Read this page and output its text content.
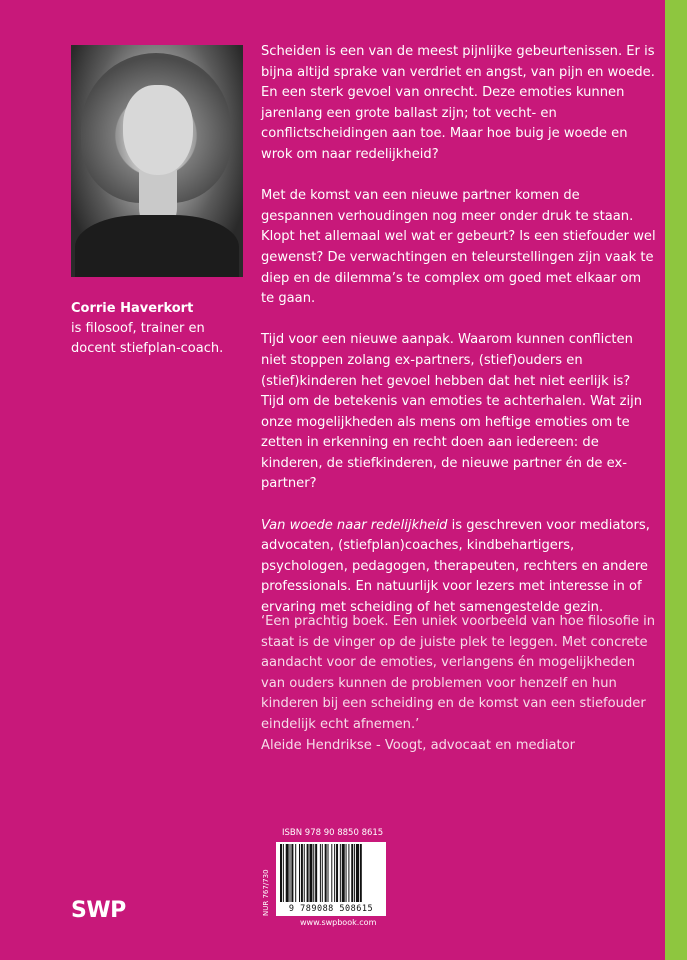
Corrie Haverkort
is filosoof, trainer en
docent stiefplan-coach.

Scheiden is een van de meest pijnlijke gebeurtenissen. Er is bijna altijd sprake van verdriet en angst, van pijn en woede. En een sterk gevoel van onrecht. Deze emoties kunnen jarenlang een grote ballast zijn; tot vecht- en conflictscheidingen aan toe. Maar hoe buig je woede en wrok om naar redelijkheid?

Met de komst van een nieuwe partner komen de gespannen verhoudingen nog meer onder druk te staan. Klopt het allemaal wel wat er gebeurt? Is een stiefouder wel gewenst? De verwachtingen en teleurstellingen zijn vaak te diep en de dilemma’s te complex om goed met elkaar om te gaan.

Tijd voor een nieuwe aanpak. Waarom kunnen conflicten niet stoppen zolang ex-partners, (stief)ouders en (stief)kinderen het gevoel hebben dat het niet eerlijk is? Tijd om de betekenis van emoties te achterhalen. Wat zijn onze mogelijkheden als mens om heftige emoties om te zetten in erkenning en recht doen aan iedereen: de kinderen, de stiefkinderen, de nieuwe partner én de ex-partner?

Van woede naar redelijkheid is geschreven voor mediators, advocaten, (stiefplan)coaches, kindbehartigers, psychologen, pedagogen, therapeuten, rechters en andere professionals. En natuurlijk voor lezers met interesse in of ervaring met scheiding of het samengestelde gezin.

‘Een prachtig boek. Een uniek voorbeeld van hoe filosofie in staat is de vinger op de juiste plek te leggen. Met concrete aandacht voor de emoties, verlangens én mogelijkheden van ouders kunnen de problemen voor henzelf en hun kinderen bij een scheiding en de komst van een stiefouder eindelijk echt afnemen.’

Aleide Hendrikse - Voogt, advocaat en mediator

SWP
ISBN 978 90 8850 8615
NUR 767/730	9 789088 508615
www.swpbook.com
